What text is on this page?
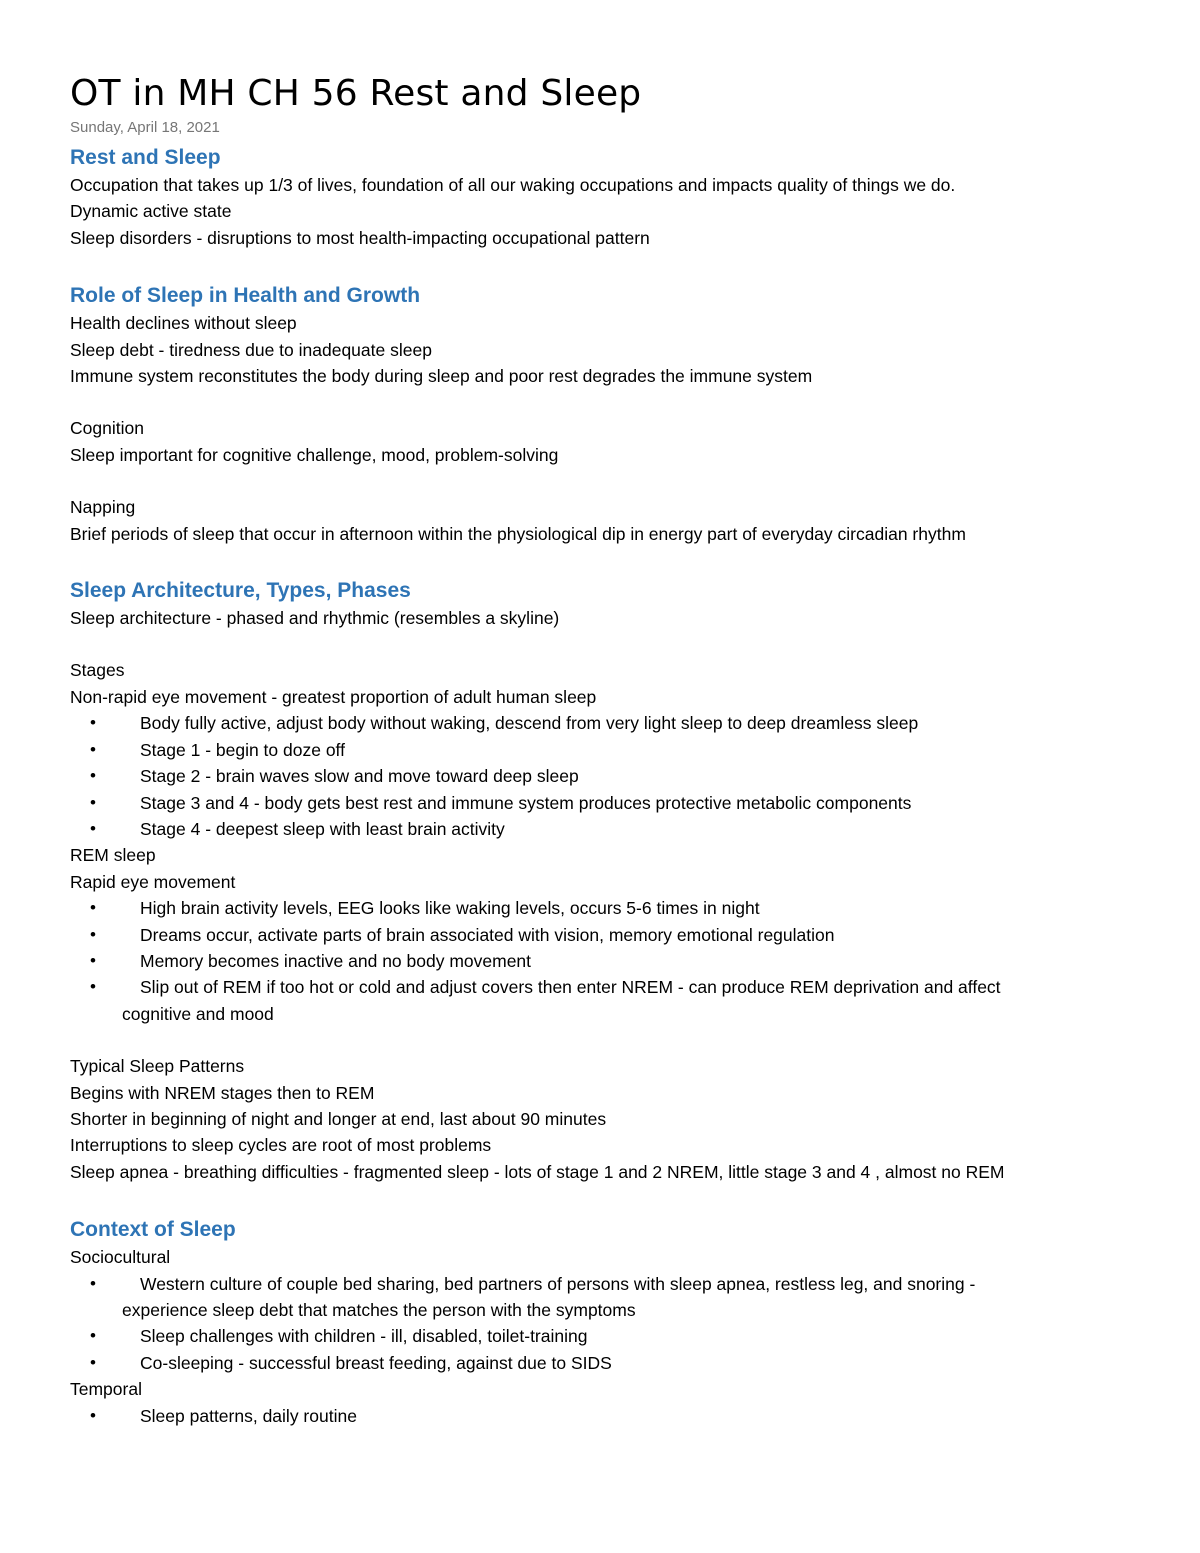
OT in MH CH 56 Rest and Sleep
Sunday, April 18, 2021
Rest and Sleep
Occupation that takes up 1/3 of lives, foundation of all our waking occupations and impacts quality of things we do.
Dynamic active state
Sleep disorders - disruptions to most health-impacting occupational pattern
Role of Sleep in Health and Growth
Health declines without sleep
Sleep debt - tiredness due to inadequate sleep
Immune system reconstitutes the body during sleep and poor rest degrades the immune system
Cognition
Sleep important for cognitive challenge, mood, problem-solving
Napping
Brief periods of sleep that occur in afternoon within the physiological dip in energy part of everyday circadian rhythm
Sleep Architecture, Types, Phases
Sleep architecture - phased and rhythmic (resembles a skyline)
Stages
Non-rapid eye movement - greatest proportion of adult human sleep
•	Body fully active, adjust body without waking, descend from very light sleep to deep dreamless sleep
•	Stage 1 - begin to doze off
•	Stage 2 - brain waves slow and move toward deep sleep
•	Stage 3 and 4 - body gets best rest and immune system produces protective metabolic components
•	Stage 4 - deepest sleep with least brain activity
REM sleep
Rapid eye movement
•	High brain activity levels, EEG looks like waking levels, occurs 5-6 times in night
•	Dreams occur, activate parts of brain associated with vision, memory emotional regulation
•	Memory becomes inactive and no body movement
•	Slip out of REM if too hot or cold and adjust covers then enter NREM - can produce REM deprivation and affect
cognitive and mood
Typical Sleep Patterns
Begins with NREM stages then to REM
Shorter in beginning of night and longer at end, last about 90 minutes
Interruptions to sleep cycles are root of most problems
Sleep apnea - breathing difficulties - fragmented sleep - lots of stage 1 and 2 NREM, little stage 3 and 4 , almost no REM
Context of Sleep
Sociocultural
•	Western culture of couple bed sharing, bed partners of persons with sleep apnea, restless leg, and snoring -
experience sleep debt that matches the person with the symptoms
•	Sleep challenges with children - ill, disabled, toilet-training
•	Co-sleeping - successful breast feeding, against due to SIDS
Temporal
•	Sleep patterns, daily routine
